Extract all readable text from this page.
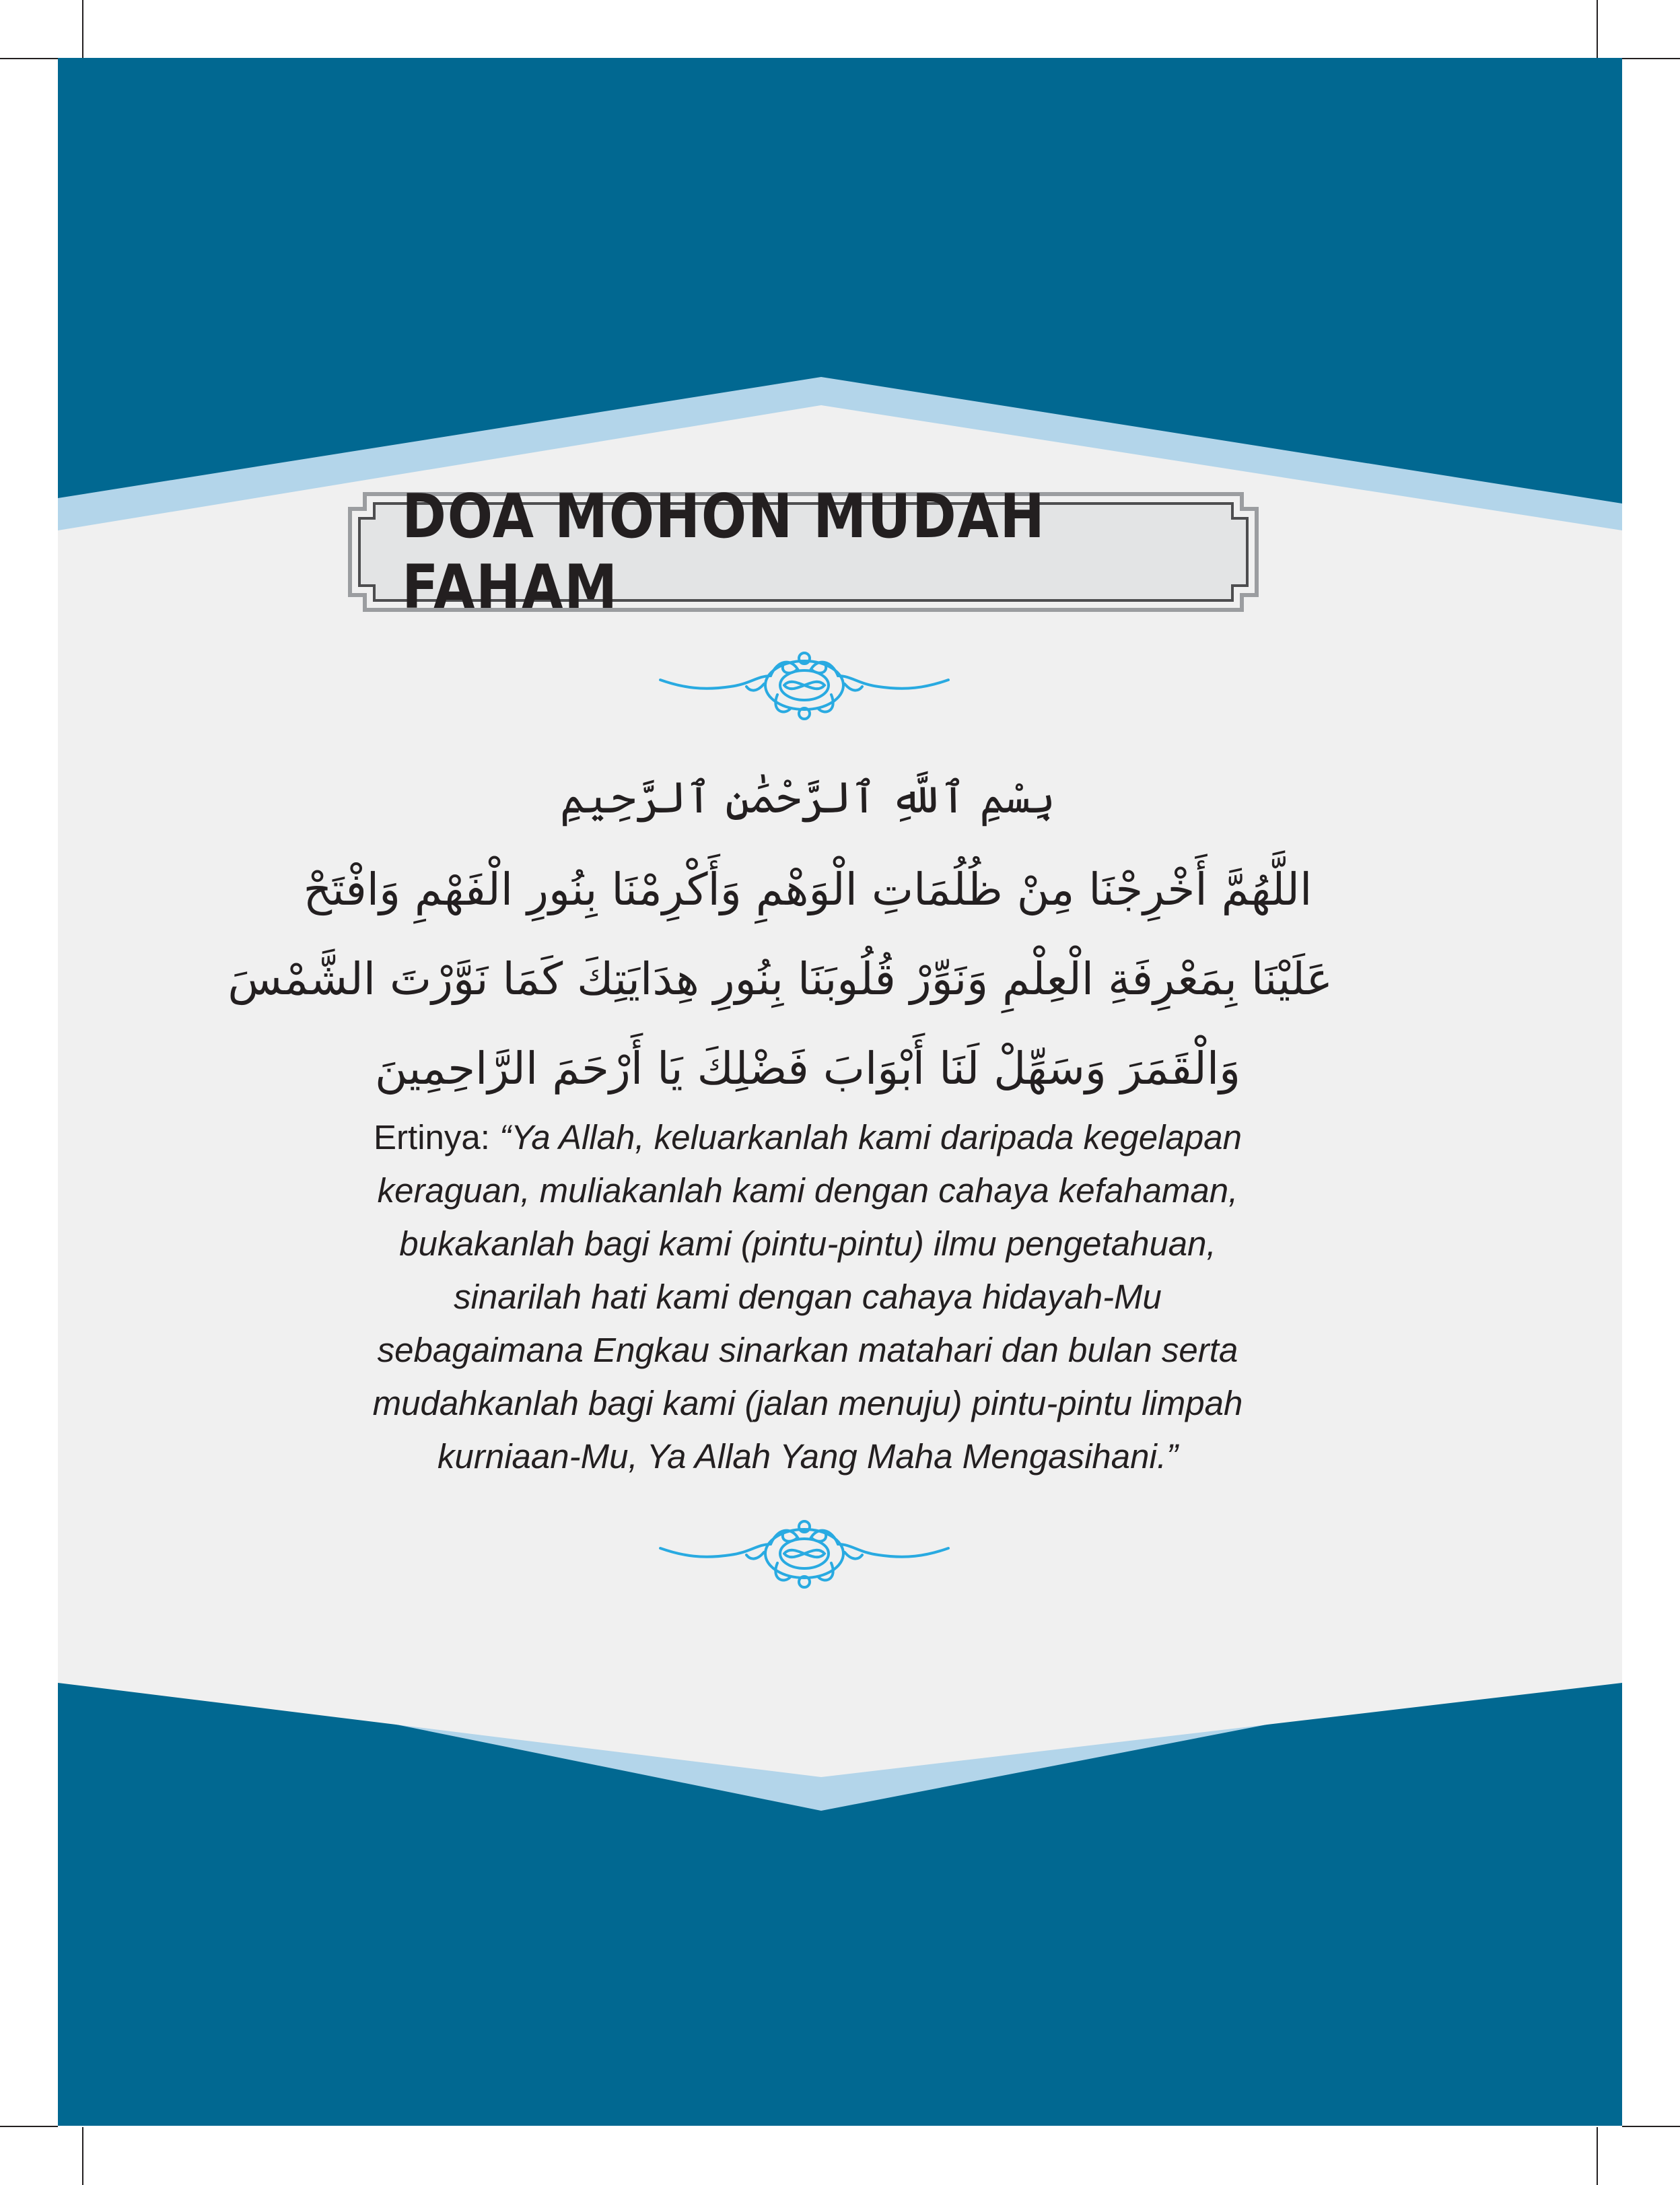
DOA MOHON MUDAH FAHAM
بِسْمِ ٱللَّهِ ٱلرَّحْمَٰنِ ٱلرَّحِيمِ
اللَّهُمَّ أَخْرِجْنَا مِنْ ظُلُمَاتِ الْوَهْمِ وَأَكْرِمْنَا بِنُورِ الْفَهْمِ وَافْتَحْ
عَلَيْنَا بِمَعْرِفَةِ الْعِلْمِ وَنَوِّرْ قُلُوبَنَا بِنُورِ هِدَايَتِكَ كَمَا نَوَّرْتَ الشَّمْسَ
وَالْقَمَرَ وَسَهِّلْ لَنَا أَبْوَابَ فَضْلِكَ يَا أَرْحَمَ الرَّاحِمِينَ
Ertinya: “Ya Allah, keluarkanlah kami daripada kegelapan
keraguan, muliakanlah kami dengan cahaya kefahaman,
bukakanlah bagi kami (pintu-pintu) ilmu pengetahuan,
sinarilah hati kami dengan cahaya hidayah-Mu
sebagaimana Engkau sinarkan matahari dan bulan serta
mudahkanlah bagi kami (jalan menuju) pintu-pintu limpah
kurniaan-Mu, Ya Allah Yang Maha Mengasihani.”
